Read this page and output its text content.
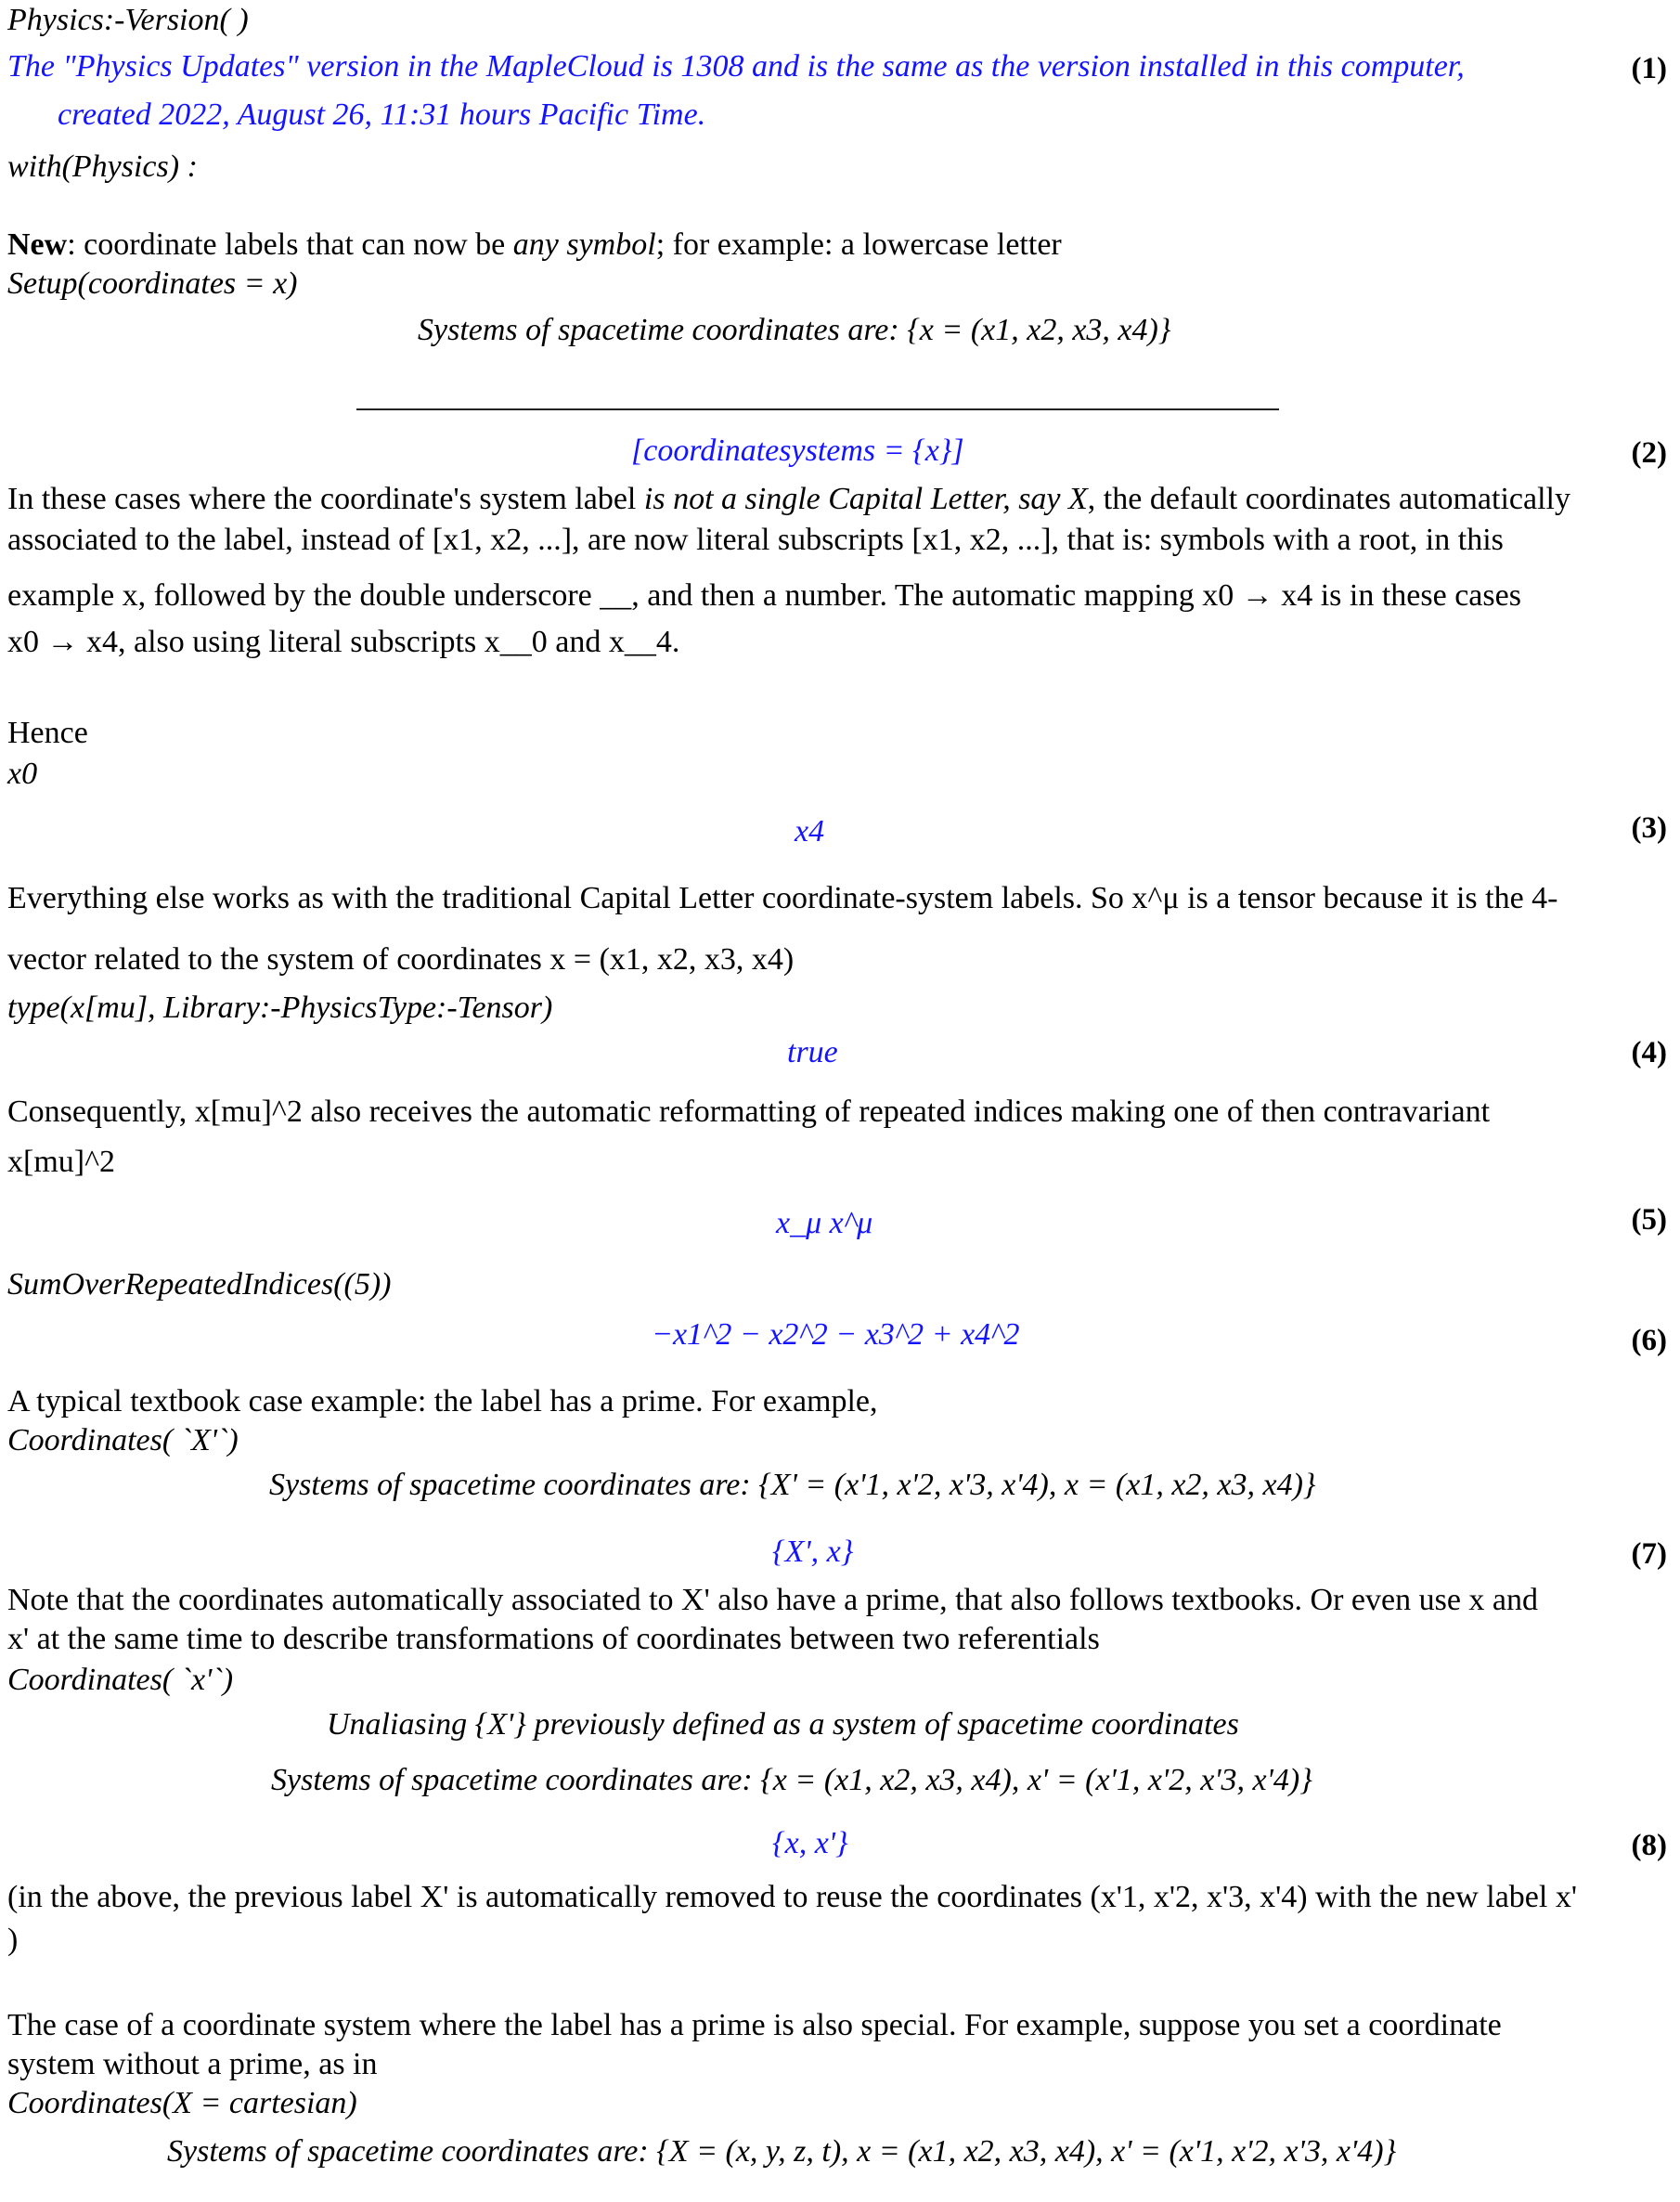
Physics:-Version( )
The "Physics Updates" version in the MapleCloud is 1308 and is the same as the version installed in this computer,
created 2022, August 26, 11:31 hours Pacific Time.
(1)
with(Physics) :
New: coordinate labels that can now be any symbol; for example: a lowercase letter
Setup(coordinates = x)
Systems of spacetime coordinates are: {x = (x1, x2, x3, x4)}
[coordinatesystems = {x}]	(2)
In these cases where the coordinate's system label is not a single Capital Letter, say X, the default coordinates automatically
associated to the label, instead of [x1, x2, ...], are now literal subscripts [x1, x2, ...], that is: symbols with a root, in this
example x, followed by the double underscore __, and then a number. The automatic mapping x0 → x4 is in these cases
x0 → x4, also using literal subscripts x__0 and x__4.
Hence
x0
x4	(3)
Everything else works as with the traditional Capital Letter coordinate-system labels. So x^μ is a tensor because it is the 4-
vector related to the system of coordinates x = (x1, x2, x3, x4)
type(x[mu], Library:-PhysicsType:-Tensor)
true	(4)
Consequently, x[mu]^2 also receives the automatic reformatting of repeated indices making one of then contravariant
x[mu]^2
x_μ x^μ	(5)
SumOverRepeatedIndices((5))
−x1^2 − x2^2 − x3^2 + x4^2	(6)
A typical textbook case example: the label has a prime. For example,
Coordinates( `X'`)
Systems of spacetime coordinates are: {X' = (x'1, x'2, x'3, x'4), x = (x1, x2, x3, x4)}
{X', x}	(7)
Note that the coordinates automatically associated to X' also have a prime, that also follows textbooks. Or even use x and
x' at the same time to describe transformations of coordinates between two referentials
Coordinates( `x'`)
Unaliasing {X'} previously defined as a system of spacetime coordinates
Systems of spacetime coordinates are: {x = (x1, x2, x3, x4), x' = (x'1, x'2, x'3, x'4)}
{x, x'}	(8)
(in the above, the previous label X' is automatically removed to reuse the coordinates (x'1, x'2, x'3, x'4) with the new label x'
)
The case of a coordinate system where the label has a prime is also special. For example, suppose you set a coordinate
system without a prime, as in
Coordinates(X = cartesian)
Systems of spacetime coordinates are: {X = (x, y, z, t), x = (x1, x2, x3, x4), x' = (x'1, x'2, x'3, x'4)}
